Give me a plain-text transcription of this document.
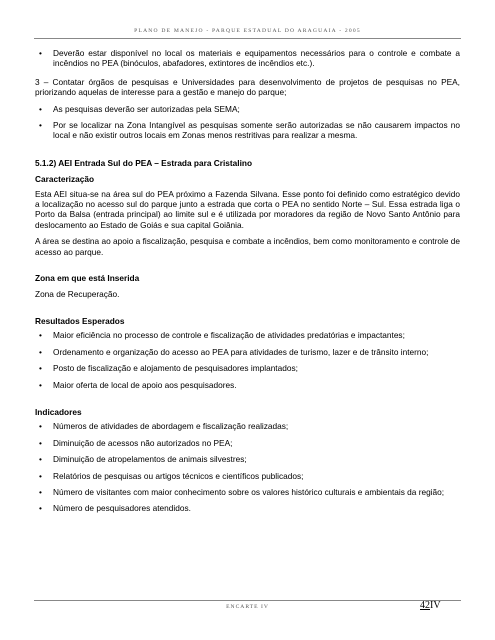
PLANO DE MANEJO - PARQUE ESTADUAL DO ARAGUAIA - 2005
• Deverão estar disponível no local os materiais e equipamentos necessários para o controle e combate a incêndios no PEA (binóculos, abafadores, extintores de incêndios etc.).

3 – Contatar órgãos de pesquisas e Universidades para desenvolvimento de projetos de pesquisas no PEA, priorizando aquelas de interesse para a gestão e manejo do parque;

• As pesquisas deverão ser autorizadas pela SEMA;
• Por se localizar na Zona Intangível as pesquisas somente serão autorizadas se não causarem impactos no local e não existir outros locais em Zonas menos restritivas para realizar a mesma.

5.1.2) AEI Entrada Sul do PEA – Estrada para Cristalino

Caracterização

Esta AEI situa-se na área sul do PEA próximo a Fazenda Silvana. Esse ponto foi definido como estratégico devido a localização no acesso sul do parque junto a estrada que corta o PEA no sentido Norte – Sul. Essa estrada liga o Porto da Balsa (entrada principal) ao limite sul e é utilizada por moradores da região de Novo Santo Antônio para deslocamento ao Estado de Goiás e sua capital Goiânia.

A área se destina ao apoio a fiscalização, pesquisa e combate a incêndios, bem como monitoramento e controle de acesso ao parque.

Zona em que está Inserida

Zona de Recuperação.

Resultados Esperados

• Maior eficiência no processo de controle e fiscalização de atividades predatórias e impactantes;
• Ordenamento e organização do acesso ao PEA para atividades de turismo, lazer e de trânsito interno;
• Posto de fiscalização e alojamento de pesquisadores implantados;
• Maior oferta de local de apoio aos pesquisadores.

Indicadores

• Números de atividades de abordagem e fiscalização realizadas;
• Diminuição de acessos não autorizados no PEA;
• Diminuição de atropelamentos de animais silvestres;
• Relatórios de pesquisas ou artigos técnicos e científicos publicados;
• Número de visitantes com maior conhecimento sobre os valores histórico culturais e ambientais da região;
• Número de pesquisadores atendidos.
ENCARTE IV	42IV
